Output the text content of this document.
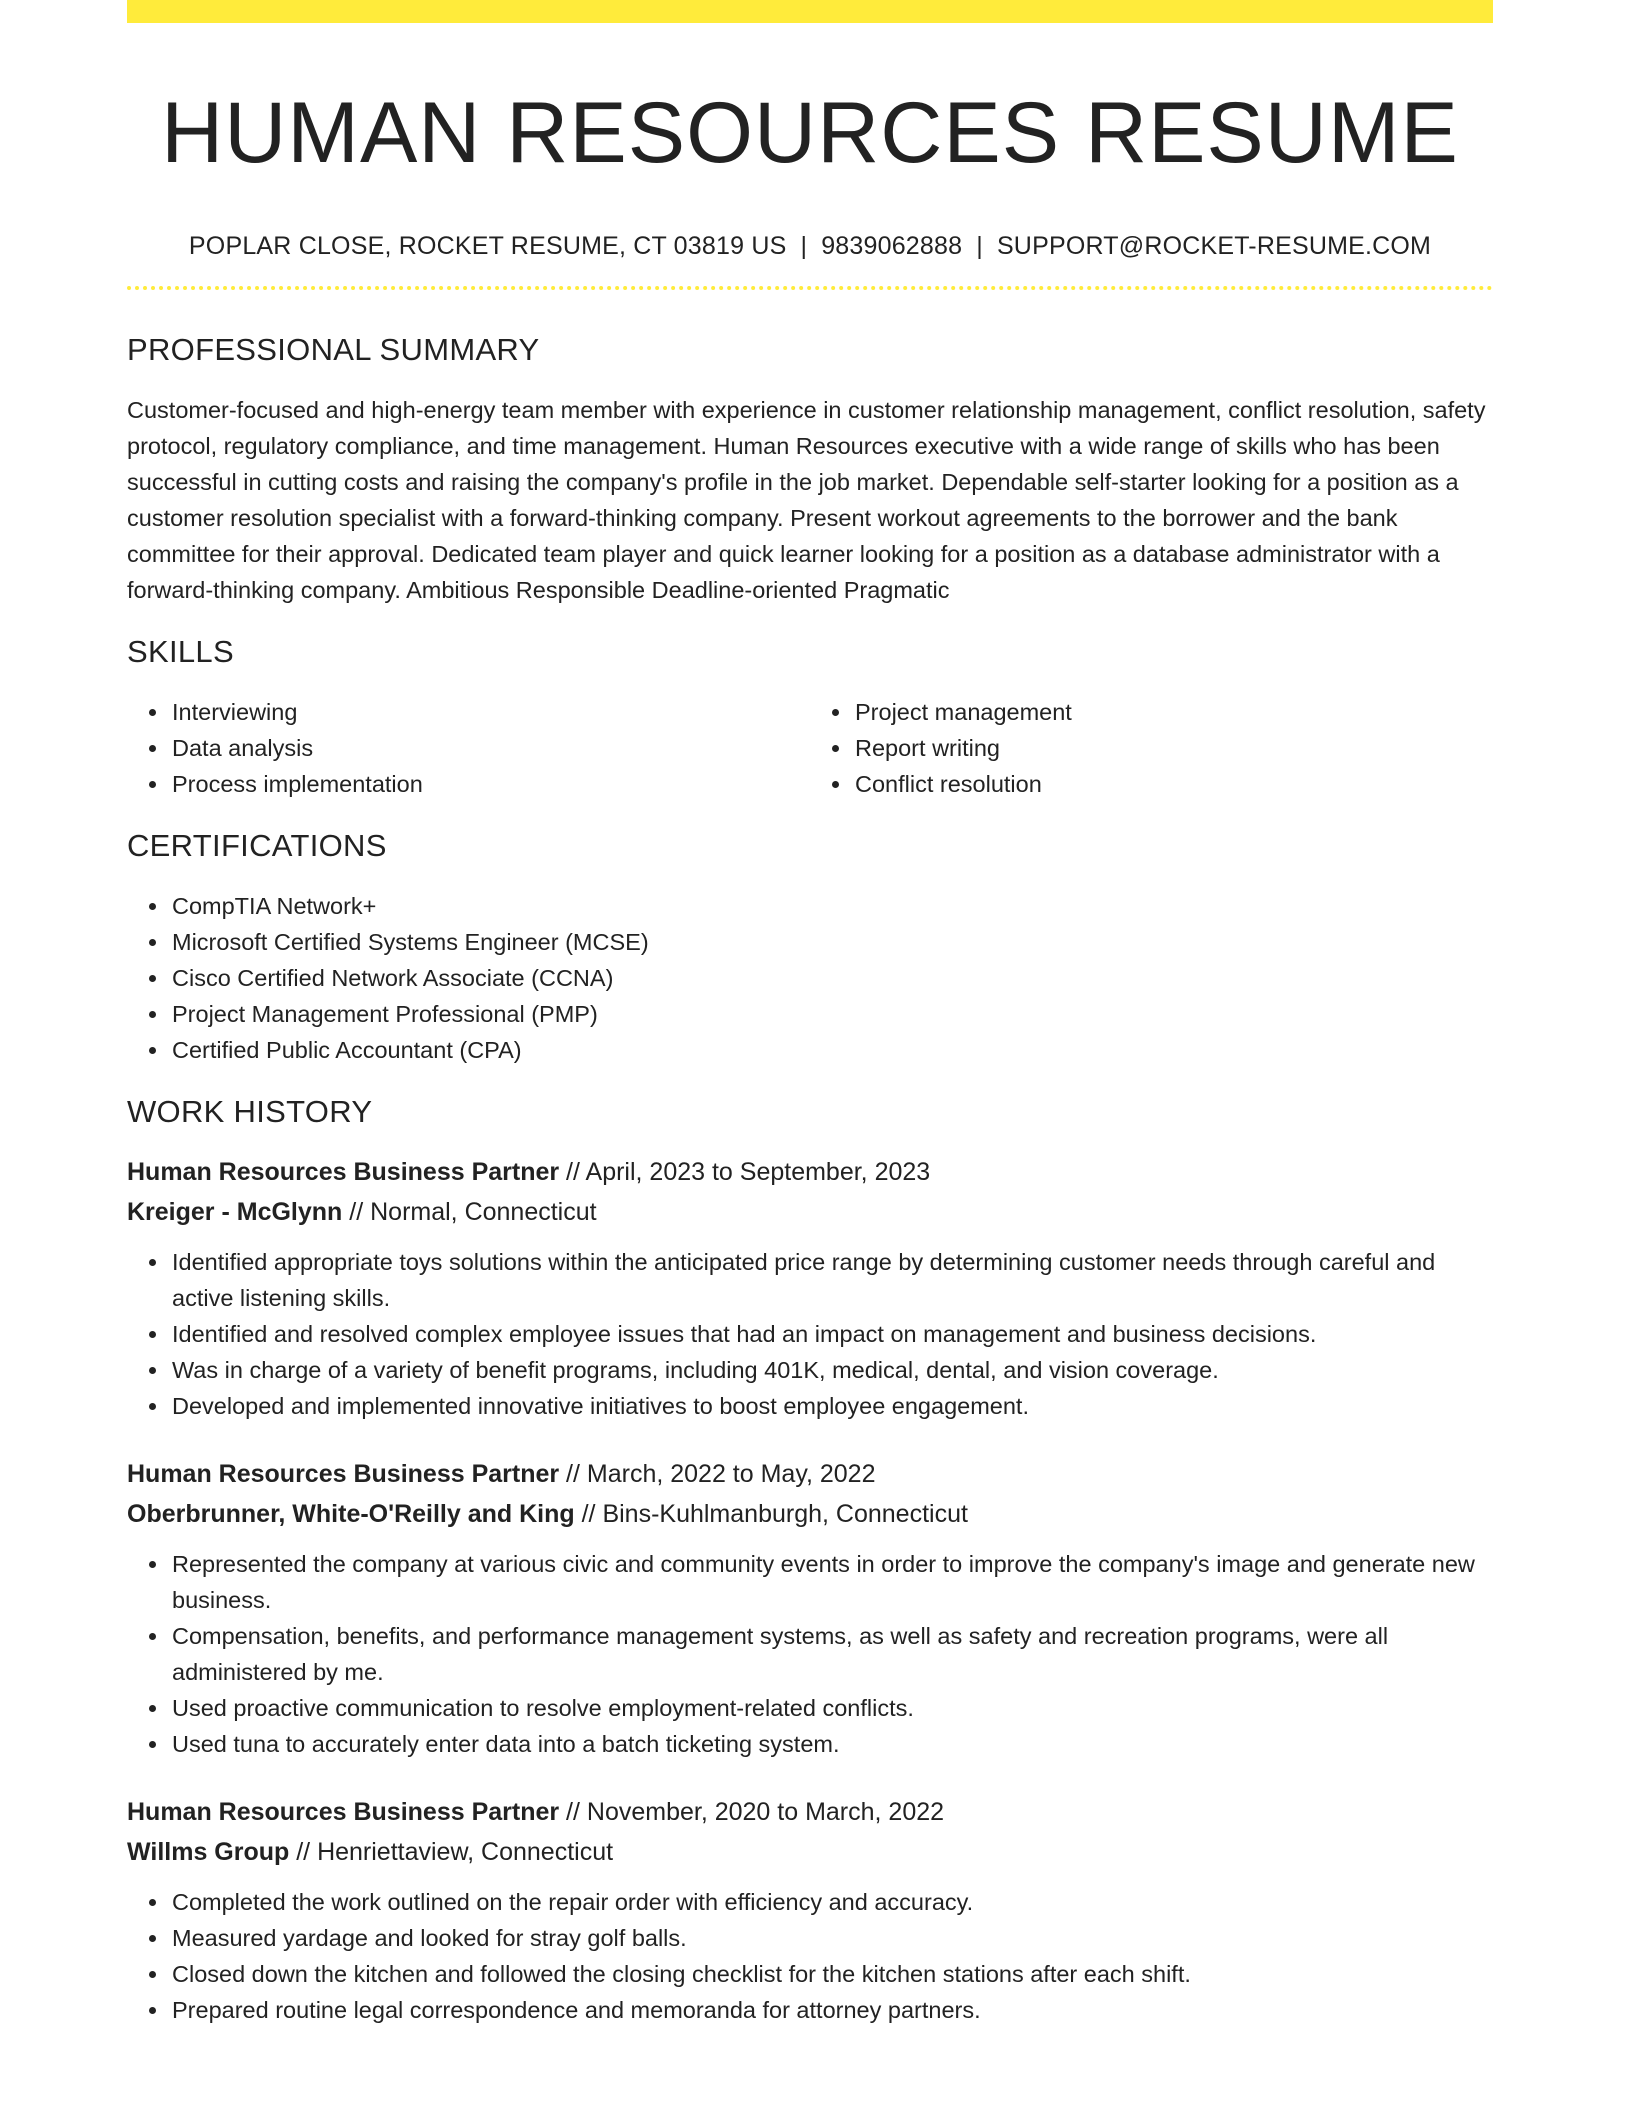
HUMAN RESOURCES RESUME
POPLAR CLOSE, ROCKET RESUME, CT 03819 US | 9839062888 | SUPPORT@ROCKET-RESUME.COM
PROFESSIONAL SUMMARY

Customer-focused and high-energy team member with experience in customer relationship management, conflict resolution, safety protocol, regulatory compliance, and time management. Human Resources executive with a wide range of skills who has been successful in cutting costs and raising the company's profile in the job market. Dependable self-starter looking for a position as a customer resolution specialist with a forward-thinking company. Present workout agreements to the borrower and the bank committee for their approval. Dedicated team player and quick learner looking for a position as a database administrator with a forward-thinking company. Ambitious Responsible Deadline-oriented Pragmatic

SKILLS
• Interviewing
• Data analysis
• Process implementation
• Project management
• Report writing
• Conflict resolution
CERTIFICATIONS
• CompTIA Network+
• Microsoft Certified Systems Engineer (MCSE)
• Cisco Certified Network Associate (CCNA)
• Project Management Professional (PMP)
• Certified Public Accountant (CPA)
WORK HISTORY
Human Resources Business Partner // April, 2023 to September, 2023
Kreiger - McGlynn // Normal, Connecticut
• Identified appropriate toys solutions within the anticipated price range by determining customer needs through careful and active listening skills.
• Identified and resolved complex employee issues that had an impact on management and business decisions.
• Was in charge of a variety of benefit programs, including 401K, medical, dental, and vision coverage.
• Developed and implemented innovative initiatives to boost employee engagement.
Human Resources Business Partner // March, 2022 to May, 2022
Oberbrunner, White-O'Reilly and King // Bins-Kuhlmanburgh, Connecticut
• Represented the company at various civic and community events in order to improve the company's image and generate new business.
• Compensation, benefits, and performance management systems, as well as safety and recreation programs, were all administered by me.
• Used proactive communication to resolve employment-related conflicts.
• Used tuna to accurately enter data into a batch ticketing system.
Human Resources Business Partner // November, 2020 to March, 2022
Willms Group // Henriettaview, Connecticut
• Completed the work outlined on the repair order with efficiency and accuracy.
• Measured yardage and looked for stray golf balls.
• Closed down the kitchen and followed the closing checklist for the kitchen stations after each shift.
• Prepared routine legal correspondence and memoranda for attorney partners.
